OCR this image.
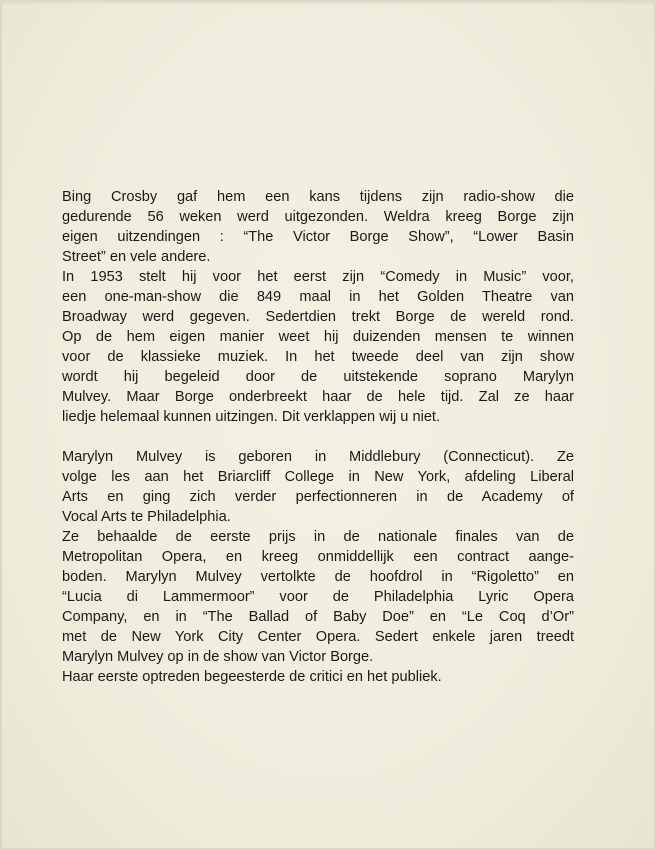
Bing Crosby gaf hem een kans tijdens zijn radio-show die
gedurende 56 weken werd uitgezonden. Weldra kreeg Borge zijn
eigen uitzendingen : “The Victor Borge Show”, “Lower Basin
Street” en vele andere.
In 1953 stelt hij voor het eerst zijn “Comedy in Music” voor,
een one-man-show die 849 maal in het Golden Theatre van
Broadway werd gegeven. Sedertdien trekt Borge de wereld rond.
Op de hem eigen manier weet hij duizenden mensen te winnen
voor de klassieke muziek. In het tweede deel van zijn show
wordt hij begeleid door de uitstekende soprano Marylyn
Mulvey. Maar Borge onderbreekt haar de hele tijd. Zal ze haar
liedje helemaal kunnen uitzingen. Dit verklappen wij u niet.
Marylyn Mulvey is geboren in Middlebury (Connecticut). Ze
volge les aan het Briarcliff College in New York, afdeling Liberal
Arts en ging zich verder perfectionneren in de Academy of
Vocal Arts te Philadelphia.
Ze behaalde de eerste prijs in de nationale finales van de
Metropolitan Opera, en kreeg onmiddellijk een contract aange-
boden. Marylyn Mulvey vertolkte de hoofdrol in “Rigoletto” en
“Lucia di Lammermoor” voor de Philadelphia Lyric Opera
Company, en in “The Ballad of Baby Doe” en “Le Coq d’Or”
met de New York City Center Opera. Sedert enkele jaren treedt
Marylyn Mulvey op in de show van Victor Borge.
Haar eerste optreden begeesterde de critici en het publiek.
